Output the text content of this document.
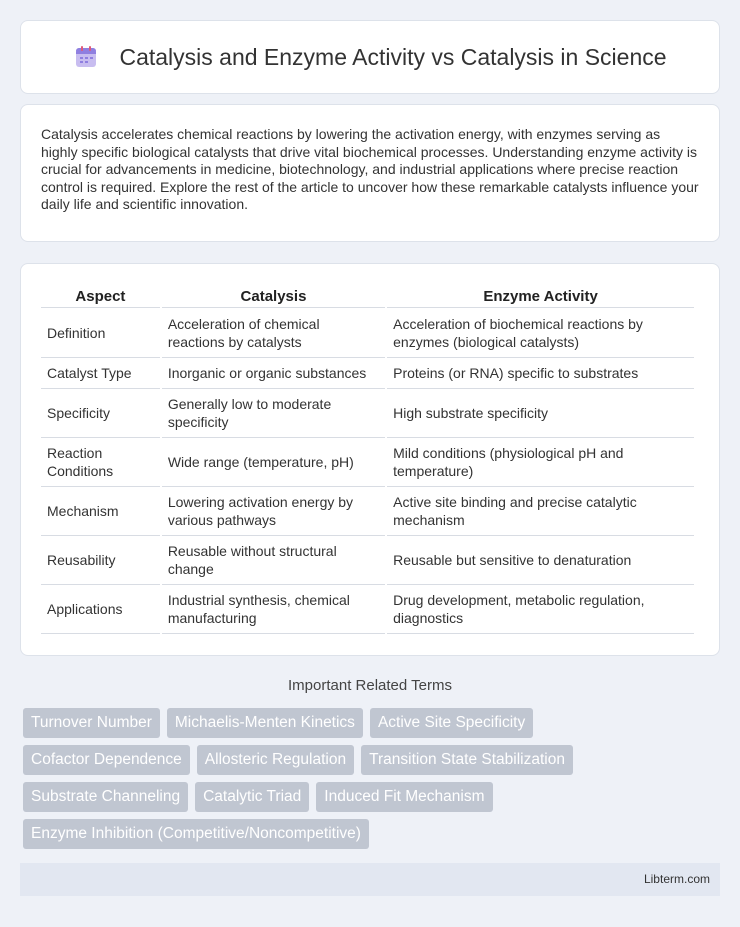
Catalysis and Enzyme Activity vs Catalysis in Science

Catalysis accelerates chemical reactions by lowering the activation energy, with enzymes serving as highly specific biological catalysts that drive vital biochemical processes. Understanding enzyme activity is crucial for advancements in medicine, biotechnology, and industrial applications where precise reaction control is required. Explore the rest of the article to uncover how these remarkable catalysts influence your daily life and scientific innovation.

Aspect	Catalysis	Enzyme Activity
Definition	Acceleration of chemical reactions by catalysts	Acceleration of biochemical reactions by enzymes (biological catalysts)
Catalyst Type	Inorganic or organic substances	Proteins (or RNA) specific to substrates
Specificity	Generally low to moderate specificity	High substrate specificity
Reaction Conditions	Wide range (temperature, pH)	Mild conditions (physiological pH and temperature)
Mechanism	Lowering activation energy by various pathways	Active site binding and precise catalytic mechanism
Reusability	Reusable without structural change	Reusable but sensitive to denaturation
Applications	Industrial synthesis, chemical manufacturing	Drug development, metabolic regulation, diagnostics
Important Related Terms
Turnover Number	Michaelis-Menten Kinetics	Active Site Specificity
Cofactor Dependence	Allosteric Regulation	Transition State Stabilization
Substrate Channeling	Catalytic Triad	Induced Fit Mechanism
Enzyme Inhibition (Competitive/Noncompetitive)
Libterm.com
